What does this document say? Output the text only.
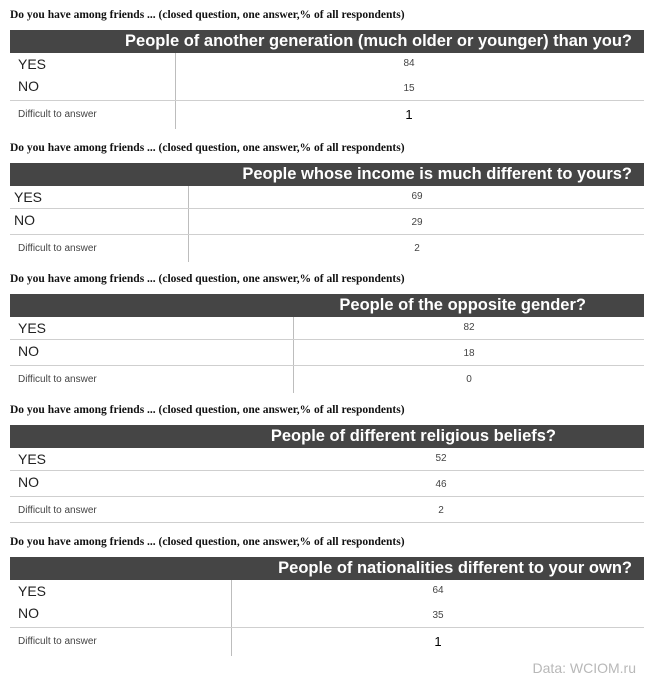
Do you have among friends ... (closed question, one answer,% of all respondents)
People of another generation (much older or younger) than you?
YES	84
NO	15
Difficult to answer	1
Do you have among friends ... (closed question, one answer,% of all respondents)
People whose income is much different to yours?
YES	69
NO	29
Difficult to answer	2
Do you have among friends ... (closed question, one answer,% of all respondents)
People of the opposite gender?
YES	82
NO	18
Difficult to answer	0
Do you have among friends ... (closed question, one answer,% of all respondents)
People of different religious beliefs?
YES	52
NO	46
Difficult to answer	2
Do you have among friends ... (closed question, one answer,% of all respondents)
People of nationalities different to your own?
YES	64
NO	35
Difficult to answer	1
Data: WCIOM.ru
